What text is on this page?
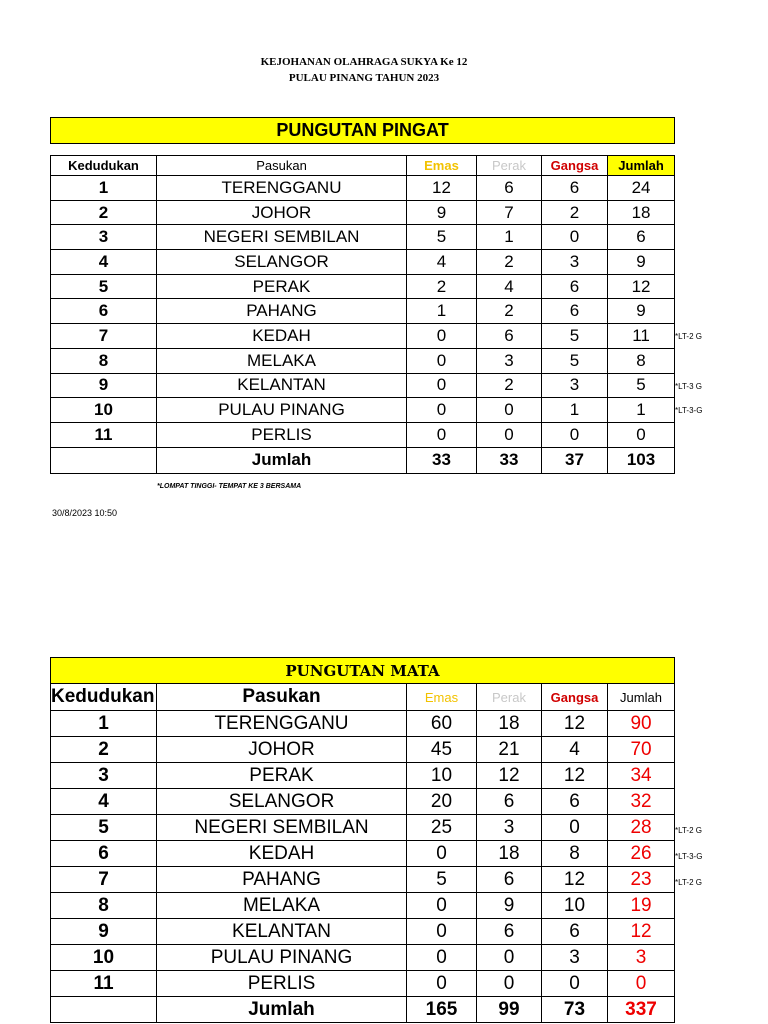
KEJOHANAN OLAHRAGA SUKYA Ke 12
PULAU PINANG TAHUN 2023
PUNGUTAN PINGAT					

Kedudukan	Pasukan	Emas	Perak	Gangsa	Jumlah
1	TERENGGANU	12	6	6	24
2	JOHOR	9	7	2	18
3	NEGERI SEMBILAN	5	1	0	6
4	SELANGOR	4	2	3	9
5	PERAK	2	4	6	12
6	PAHANG	1	2	6	9
7	KEDAH	0	6	5	11
8	MELAKA	0	3	5	8
9	KELANTAN	0	2	3	5
10	PULAU PINANG	0	0	1	1
11	PERLIS	0	0	0	0
	Jumlah	33	33	37	103
*LOMPAT TINGGI- TEMPAT KE 3 BERSAMA
30/8/2023 10:50
PUNGUTAN MATA					
Kedudukan	Pasukan	Emas	Perak	Gangsa	Jumlah
1	TERENGGANU	60	18	12	90
2	JOHOR	45	21	4	70
3	PERAK	10	12	12	34
4	SELANGOR	20	6	6	32
5	NEGERI SEMBILAN	25	3	0	28
6	KEDAH	0	18	8	26
7	PAHANG	5	6	12	23
8	MELAKA	0	9	10	19
9	KELANTAN	0	6	6	12
10	PULAU PINANG	0	0	3	3
11	PERLIS	0	0	0	0
	Jumlah	165	99	73	337
*LT-2 G
*LT-3 G
*LT-3-G
*LT-2 G
*LT-3-G
*LT-2 G
